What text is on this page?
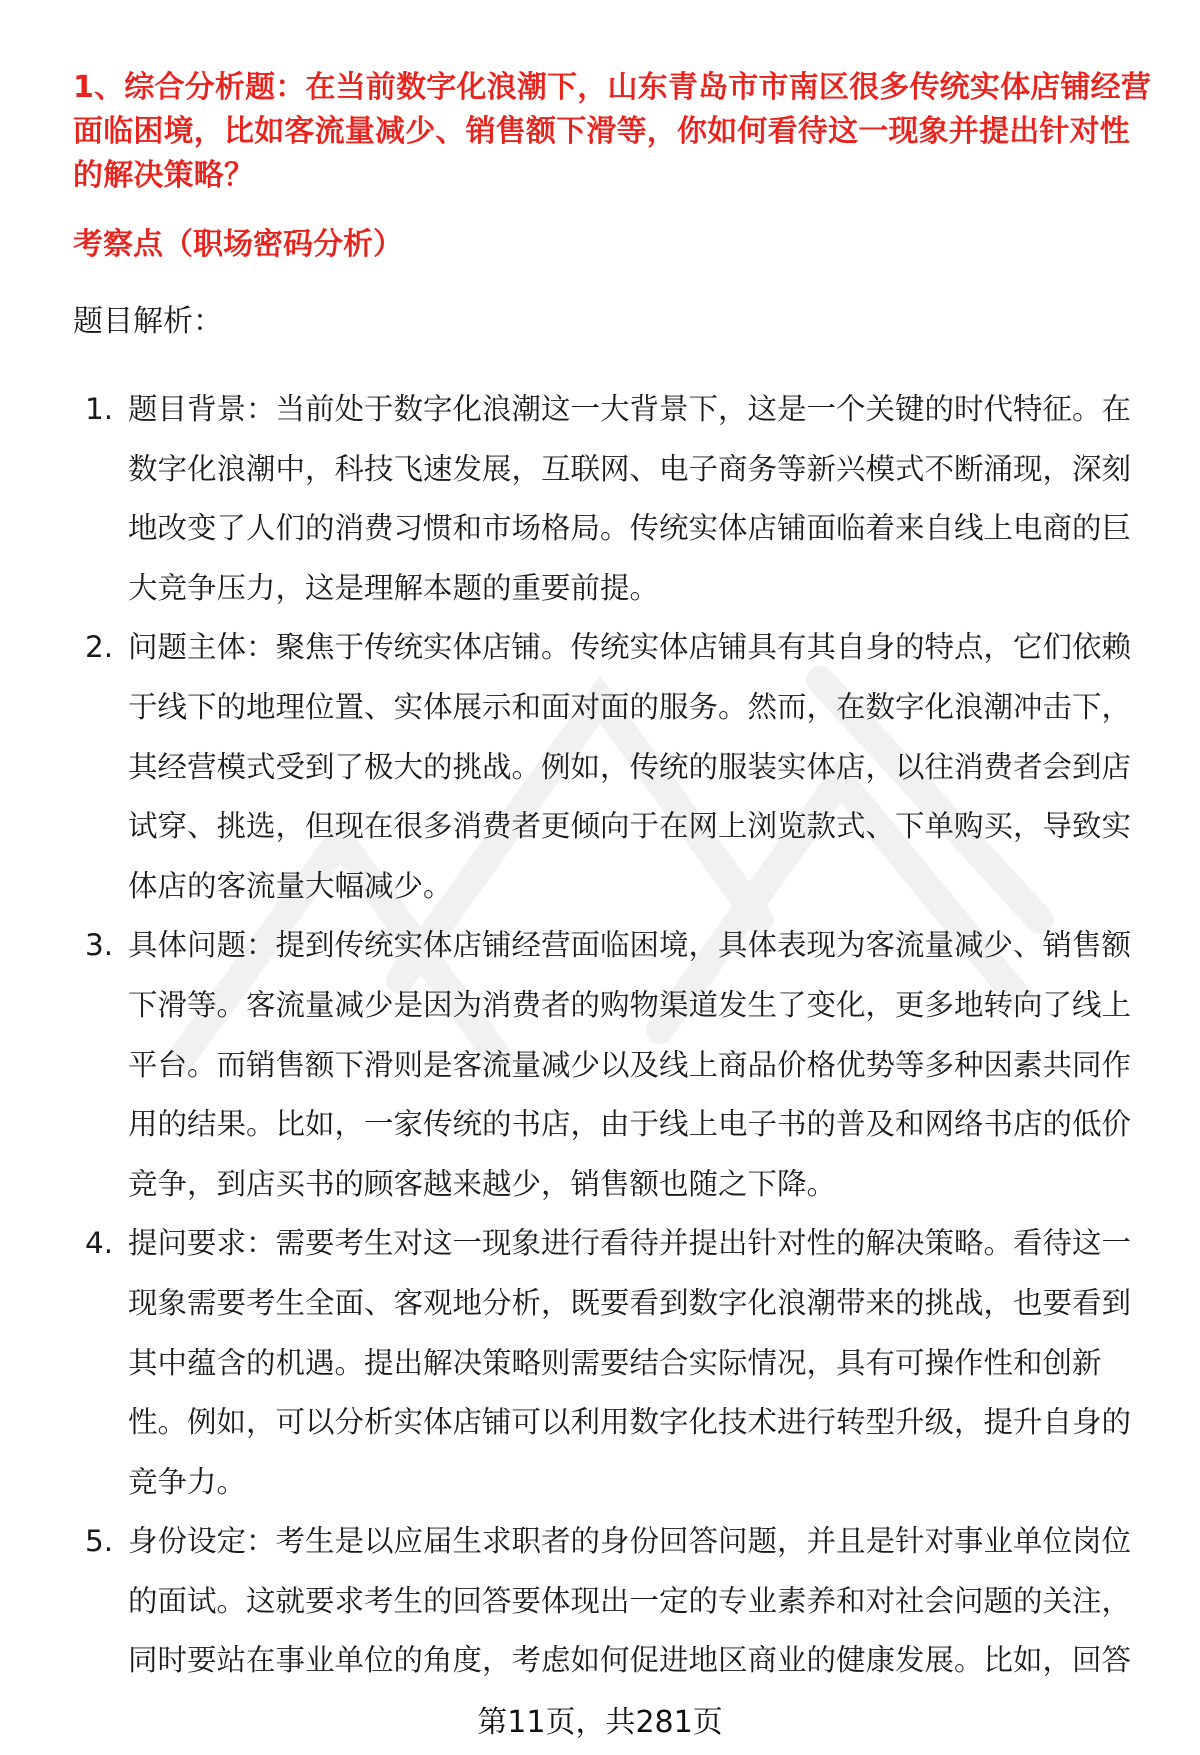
1、综合分析题：在当前数字化浪潮下，山东青岛市市南区很多传统实体店铺经营面临困境，比如客流量减少、销售额下滑等，你如何看待这一现象并提出针对性的解决策略？
考察点（职场密码分析）
题目解析：
1. 题目背景：当前处于数字化浪潮这一大背景下，这是一个关键的时代特征。在数字化浪潮中，科技飞速发展，互联网、电子商务等新兴模式不断涌现，深刻地改变了人们的消费习惯和市场格局。传统实体店铺面临着来自线上电商的巨大竞争压力，这是理解本题的重要前提。
2. 问题主体：聚焦于传统实体店铺。传统实体店铺具有其自身的特点，它们依赖于线下的地理位置、实体展示和面对面的服务。然而，在数字化浪潮冲击下，其经营模式受到了极大的挑战。例如，传统的服装实体店，以往消费者会到店试穿、挑选，但现在很多消费者更倾向于在网上浏览款式、下单购买，导致实体店的客流量大幅减少。
3. 具体问题：提到传统实体店铺经营面临困境，具体表现为客流量减少、销售额下滑等。客流量减少是因为消费者的购物渠道发生了变化，更多地转向了线上平台。而销售额下滑则是客流量减少以及线上商品价格优势等多种因素共同作用的结果。比如，一家传统的书店，由于线上电子书的普及和网络书店的低价竞争，到店买书的顾客越来越少，销售额也随之下降。
4. 提问要求：需要考生对这一现象进行看待并提出针对性的解决策略。看待这一现象需要考生全面、客观地分析，既要看到数字化浪潮带来的挑战，也要看到其中蕴含的机遇。提出解决策略则需要结合实际情况，具有可操作性和创新性。例如，可以分析实体店铺可以利用数字化技术进行转型升级，提升自身的竞争力。
5. 身份设定：考生是以应届生求职者的身份回答问题，并且是针对事业单位岗位的面试。这就要求考生的回答要体现出一定的专业素养和对社会问题的关注，同时要站在事业单位的角度，考虑如何促进地区商业的健康发展。比如，回答
第11页，共281页
